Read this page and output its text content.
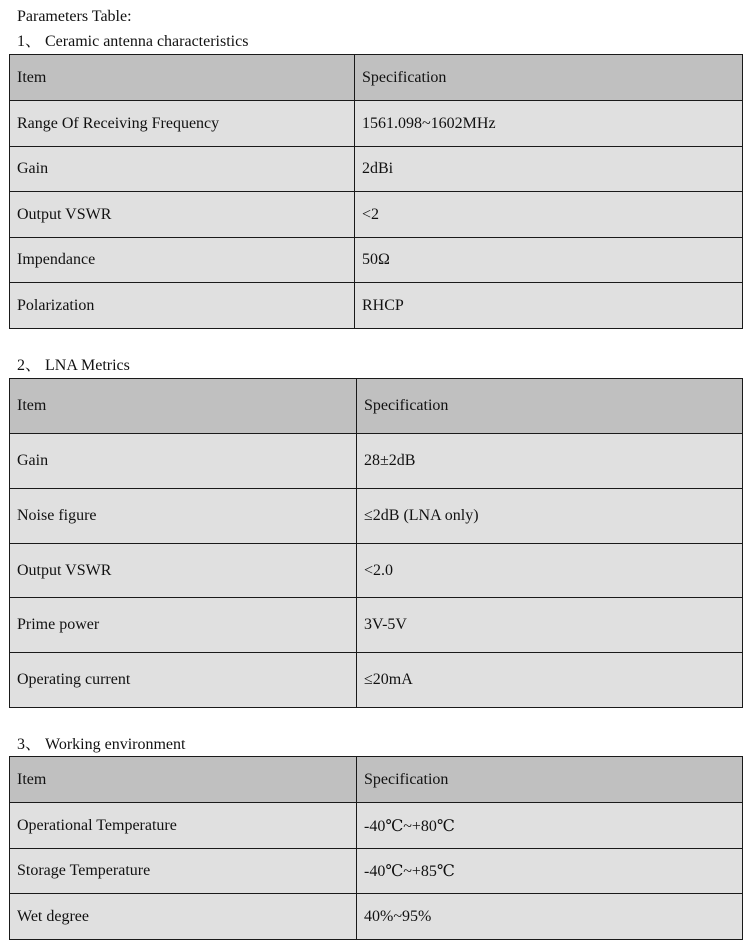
Parameters Table:
1、 Ceramic antenna characteristics
Item	Specification
Range Of Receiving Frequency	1561.098~1602MHz
Gain	2dBi
Output VSWR	<2
Impendance	50Ω
Polarization	RHCP
2、 LNA Metrics
Item	Specification
Gain	28±2dB
Noise figure	≤2dB (LNA only)
Output VSWR	<2.0
Prime power	3V-5V
Operating current	≤20mA
3、 Working environment
Item	Specification
Operational Temperature	-40℃~+80℃
Storage Temperature	-40℃~+85℃
Wet degree	40%~95%
